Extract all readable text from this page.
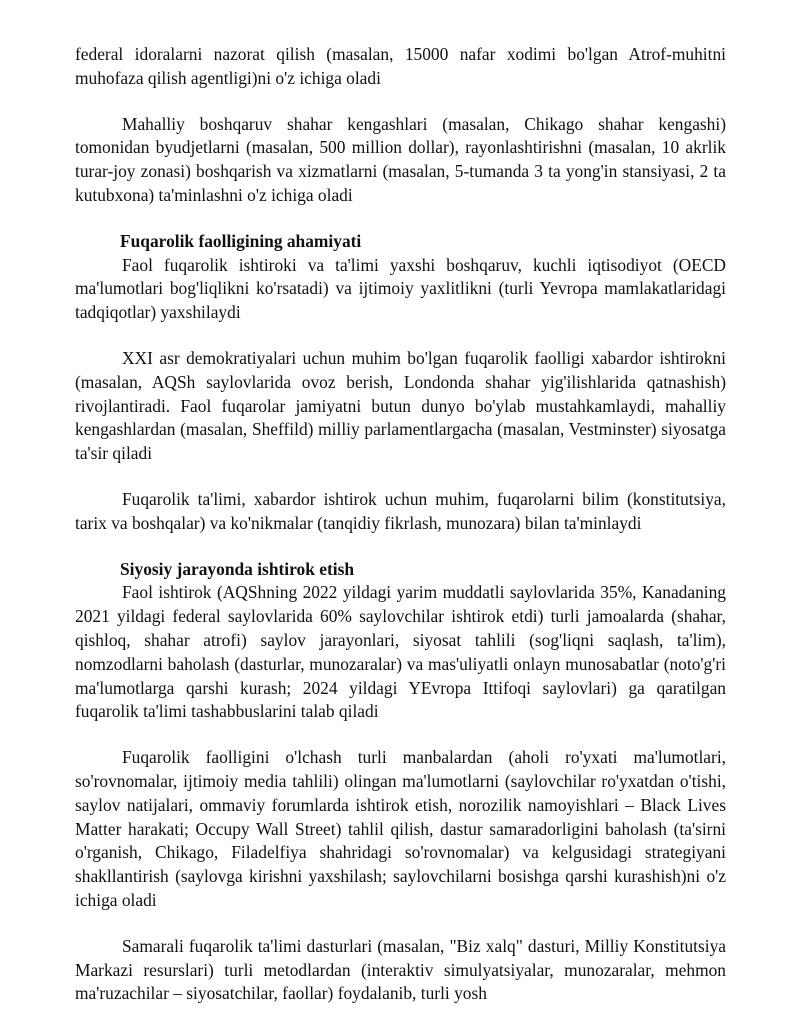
federal idoralarni nazorat qilish (masalan, 15000 nafar xodimi bo'lgan Atrof-muhitni muhofaza qilish agentligi)ni o'z ichiga oladi

Mahalliy boshqaruv shahar kengashlari (masalan, Chikago shahar kengashi) tomonidan byudjetlarni (masalan, 500 million dollar), rayonlashtirishni (masalan, 10 akrlik turar-joy zonasi) boshqarish va xizmatlarni (masalan, 5-tumanda 3 ta yong'in stansiyasi, 2 ta kutubxona) ta'minlashni o'z ichiga oladi

Fuqarolik faolligining ahamiyati

Faol fuqarolik ishtiroki va ta'limi yaxshi boshqaruv, kuchli iqtisodiyot (OECD ma'lumotlari bog'liqlikni ko'rsatadi) va ijtimoiy yaxlitlikni (turli Yevropa mamlakatlaridagi tadqiqotlar) yaxshilaydi

XXI asr demokratiyalari uchun muhim bo'lgan fuqarolik faolligi xabardor ishtirokni (masalan, AQSh saylovlarida ovoz berish, Londonda shahar yig'ilishlarida qatnashish) rivojlantiradi. Faol fuqarolar jamiyatni butun dunyo bo'ylab mustahkamlaydi, mahalliy kengashlardan (masalan, Sheffild) milliy parlamentlargacha (masalan, Vestminster) siyosatga ta'sir qiladi

Fuqarolik ta'limi, xabardor ishtirok uchun muhim, fuqarolarni bilim (konstitutsiya, tarix va boshqalar) va ko'nikmalar (tanqidiy fikrlash, munozara) bilan ta'minlaydi

Siyosiy jarayonda ishtirok etish

Faol ishtirok (AQShning 2022 yildagi yarim muddatli saylovlarida 35%, Kanadaning 2021 yildagi federal saylovlarida 60% saylovchilar ishtirok etdi) turli jamoalarda (shahar, qishloq, shahar atrofi) saylov jarayonlari, siyosat tahlili (sog'liqni saqlash, ta'lim), nomzodlarni baholash (dasturlar, munozaralar) va mas'uliyatli onlayn munosabatlar (noto'g'ri ma'lumotlarga qarshi kurash; 2024 yildagi YEvropa Ittifoqi saylovlari) ga qaratilgan fuqarolik ta'limi tashabbuslarini talab qiladi

Fuqarolik faolligini o'lchash turli manbalardan (aholi ro'yxati ma'lumotlari, so'rovnomalar, ijtimoiy media tahlili) olingan ma'lumotlarni (saylovchilar ro'yxatdan o'tishi, saylov natijalari, ommaviy forumlarda ishtirok etish, norozilik namoyishlari – Black Lives Matter harakati; Occupy Wall Street) tahlil qilish, dastur samaradorligini baholash (ta'sirni o'rganish, Chikago, Filadelfiya shahridagi so'rovnomalar) va kelgusidagi strategiyani shakllantirish (saylovga kirishni yaxshilash; saylovchilarni bosishga qarshi kurashish)ni o'z ichiga oladi

Samarali fuqarolik ta'limi dasturlari (masalan, "Biz xalq" dasturi, Milliy Konstitutsiya Markazi resurslari) turli metodlardan (interaktiv simulyatsiyalar, munozaralar, mehmon ma'ruzachilar – siyosatchilar, faollar) foydalanib, turli yosh
